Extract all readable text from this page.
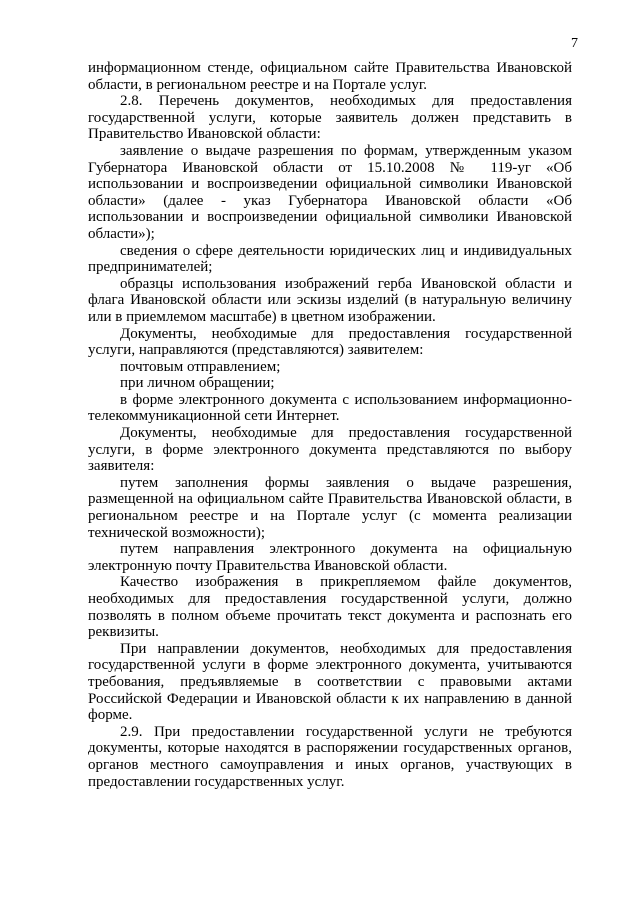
7

информационном стенде, официальном сайте Правительства Ивановской области, в региональном реестре и на Портале услуг.

2.8. Перечень документов, необходимых для предоставления государственной услуги, которые заявитель должен представить в Правительство Ивановской области:

заявление о выдаче разрешения по формам, утвержденным указом Губернатора Ивановской области от 15.10.2008 № 119-уг «Об использовании и воспроизведении официальной символики Ивановской области» (далее - указ Губернатора Ивановской области «Об использовании и воспроизведении официальной символики Ивановской области»);

сведения о сфере деятельности юридических лиц и индивидуальных предпринимателей;

образцы использования изображений герба Ивановской области и флага Ивановской области или эскизы изделий (в натуральную величину или в приемлемом масштабе) в цветном изображении.

Документы, необходимые для предоставления государственной услуги, направляются (представляются) заявителем:

почтовым отправлением;

при личном обращении;

в форме электронного документа с использованием информационно-телекоммуникационной сети Интернет.

Документы, необходимые для предоставления государственной услуги, в форме электронного документа представляются по выбору заявителя:

путем заполнения формы заявления о выдаче разрешения, размещенной на официальном сайте Правительства Ивановской области, в региональном реестре и на Портале услуг (с момента реализации технической возможности);

путем направления электронного документа на официальную электронную почту Правительства Ивановской области.

Качество изображения в прикрепляемом файле документов, необходимых для предоставления государственной услуги, должно позволять в полном объеме прочитать текст документа и распознать его реквизиты.

При направлении документов, необходимых для предоставления государственной услуги в форме электронного документа, учитываются требования, предъявляемые в соответствии с правовыми актами Российской Федерации и Ивановской области к их направлению в данной форме.

2.9. При предоставлении государственной услуги не требуются документы, которые находятся в распоряжении государственных органов, органов местного самоуправления и иных органов, участвующих в предоставлении государственных услуг.
